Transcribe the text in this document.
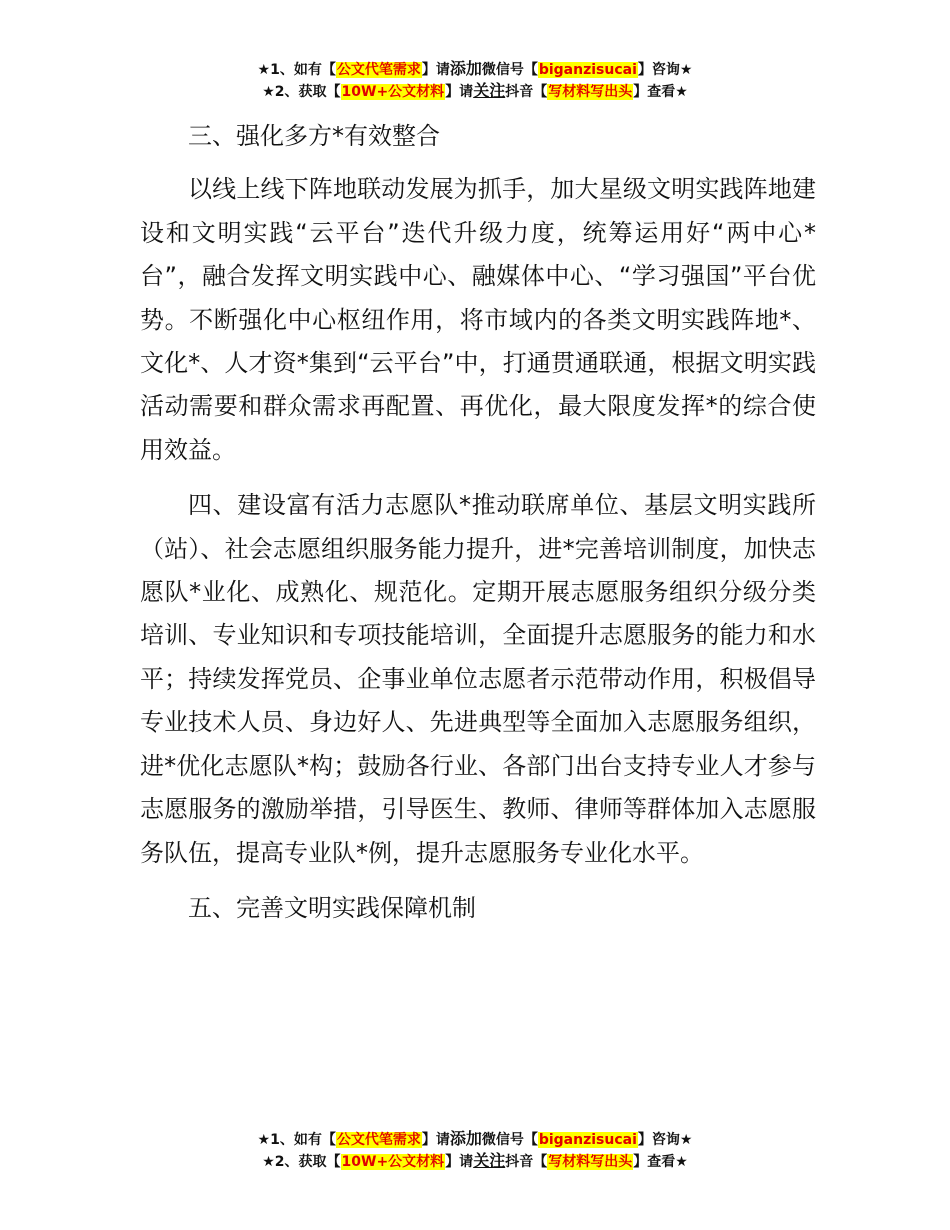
★1、如有【公文代笔需求】请添加微信号【biganzisucai】咨询★
★2、获取【10W+公文材料】请关注抖音【写材料写出头】查看★

三、强化多方*有效整合

以线上线下阵地联动发展为抓手，加大星级文明实践阵地建设和文明实践“云平台”迭代升级力度，统筹运用好“两中心*台”，融合发挥文明实践中心、融媒体中心、“学习强国”平台优势。不断强化中心枢纽作用，将市域内的各类文明实践阵地*、文化*、人才资*集到“云平台”中，打通贯通联通，根据文明实践活动需要和群众需求再配置、再优化，最大限度发挥*的综合使用效益。

四、建设富有活力志愿队*推动联席单位、基层文明实践所（站）、社会志愿组织服务能力提升，进*完善培训制度，加快志愿队*业化、成熟化、规范化。定期开展志愿服务组织分级分类培训、专业知识和专项技能培训，全面提升志愿服务的能力和水平；持续发挥党员、企事业单位志愿者示范带动作用，积极倡导专业技术人员、身边好人、先进典型等全面加入志愿服务组织，进*优化志愿队*构；鼓励各行业、各部门出台支持专业人才参与志愿服务的激励举措，引导医生、教师、律师等群体加入志愿服务队伍，提高专业队*例，提升志愿服务专业化水平。

五、完善文明实践保障机制

★1、如有【公文代笔需求】请添加微信号【biganzisucai】咨询★
★2、获取【10W+公文材料】请关注抖音【写材料写出头】查看★
